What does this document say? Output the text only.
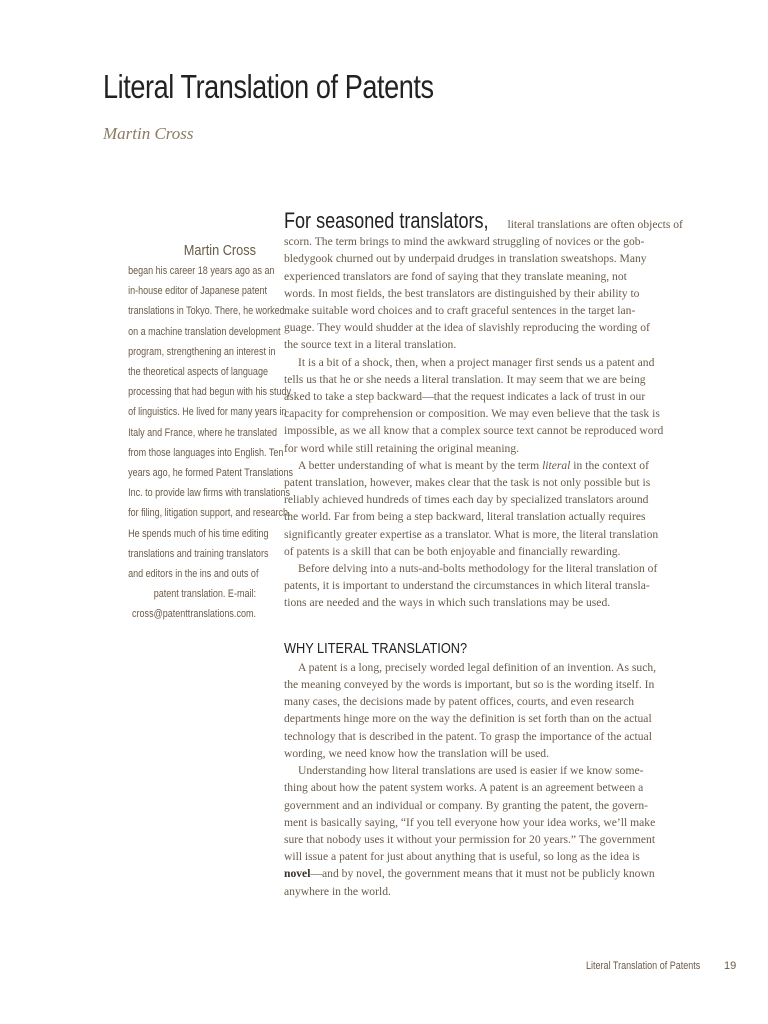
Literal Translation of Patents
Martin Cross
Martin Cross
began his career 18 years ago as an
in-house editor of Japanese patent
translations in Tokyo. There, he worked
on a machine translation development
program, strengthening an interest in
the theoretical aspects of language
processing that had begun with his study
of linguistics. He lived for many years in
Italy and France, where he translated
from those languages into English. Ten
years ago, he formed Patent Translations
Inc. to provide law firms with translations
for filing, litigation support, and research.
He spends much of his time editing
translations and training translators
and editors in the ins and outs of
patent translation. E-mail:
cross@patenttranslations.com.
For seasoned translators, literal translations are often objects of
scorn. The term brings to mind the awkward struggling of novices or the gob-
bledygook churned out by underpaid drudges in translation sweatshops. Many
experienced translators are fond of saying that they translate meaning, not
words. In most fields, the best translators are distinguished by their ability to
make suitable word choices and to craft graceful sentences in the target lan-
guage. They would shudder at the idea of slavishly reproducing the wording of
the source text in a literal translation.
It is a bit of a shock, then, when a project manager first sends us a patent and
tells us that he or she needs a literal translation. It may seem that we are being
asked to take a step backward—that the request indicates a lack of trust in our
capacity for comprehension or composition. We may even believe that the task is
impossible, as we all know that a complex source text cannot be reproduced word
for word while still retaining the original meaning.
A better understanding of what is meant by the term literal in the context of
patent translation, however, makes clear that the task is not only possible but is
reliably achieved hundreds of times each day by specialized translators around
the world. Far from being a step backward, literal translation actually requires
significantly greater expertise as a translator. What is more, the literal translation
of patents is a skill that can be both enjoyable and financially rewarding.
Before delving into a nuts-and-bolts methodology for the literal translation of
patents, it is important to understand the circumstances in which literal transla-
tions are needed and the ways in which such translations may be used.
WHY LITERAL TRANSLATION?
A patent is a long, precisely worded legal definition of an invention. As such,
the meaning conveyed by the words is important, but so is the wording itself. In
many cases, the decisions made by patent offices, courts, and even research
departments hinge more on the way the definition is set forth than on the actual
technology that is described in the patent. To grasp the importance of the actual
wording, we need know how the translation will be used.
Understanding how literal translations are used is easier if we know some-
thing about how the patent system works. A patent is an agreement between a
government and an individual or company. By granting the patent, the govern-
ment is basically saying, “If you tell everyone how your idea works, we’ll make
sure that nobody uses it without your permission for 20 years.” The government
will issue a patent for just about anything that is useful, so long as the idea is
novel—and by novel, the government means that it must not be publicly known
anywhere in the world.
Literal Translation of Patents 19
